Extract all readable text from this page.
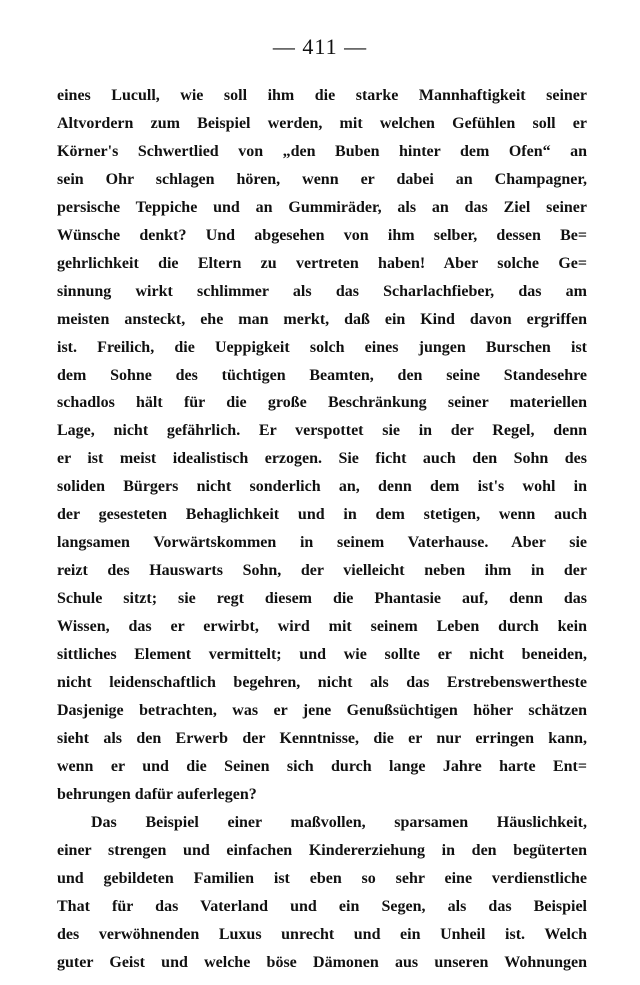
— 411 —
eines Lucull, wie soll ihm die starke Mannhaftigkeit seiner
Altvordern zum Beispiel werden, mit welchen Gefühlen soll er
Körner's Schwertlied von „den Buben hinter dem Ofen“ an
sein Ohr schlagen hören, wenn er dabei an Champagner,
persische Teppiche und an Gummiräder, als an das Ziel seiner
Wünsche denkt? Und abgesehen von ihm selber, dessen Be=
gehrlichkeit die Eltern zu vertreten haben! Aber solche Ge=
sinnung wirkt schlimmer als das Scharlachfieber, das am
meisten ansteckt, ehe man merkt, daß ein Kind davon ergriffen
ist. Freilich, die Ueppigkeit solch eines jungen Burschen ist
dem Sohne des tüchtigen Beamten, den seine Standesehre
schadlos hält für die große Beschränkung seiner materiellen
Lage, nicht gefährlich. Er verspottet sie in der Regel, denn
er ist meist idealistisch erzogen. Sie ficht auch den Sohn des
soliden Bürgers nicht sonderlich an, denn dem ist's wohl in
der gesesteten Behaglichkeit und in dem stetigen, wenn auch
langsamen Vorwärtskommen in seinem Vaterhause. Aber sie
reizt des Hauswarts Sohn, der vielleicht neben ihm in der
Schule sitzt; sie regt diesem die Phantasie auf, denn das
Wissen, das er erwirbt, wird mit seinem Leben durch kein
sittliches Element vermittelt; und wie sollte er nicht beneiden,
nicht leidenschaftlich begehren, nicht als das Erstrebenswertheste
Dasjenige betrachten, was er jene Genußsüchtigen höher schätzen
sieht als den Erwerb der Kenntnisse, die er nur erringen kann,
wenn er und die Seinen sich durch lange Jahre harte Ent=
behrungen dafür auferlegen?
Das Beispiel einer maßvollen, sparsamen Häuslichkeit,
einer strengen und einfachen Kindererziehung in den begüterten
und gebildeten Familien ist eben so sehr eine verdienstliche
That für das Vaterland und ein Segen, als das Beispiel
des verwöhnenden Luxus unrecht und ein Unheil ist. Welch
guter Geist und welche böse Dämonen aus unseren Wohnungen
